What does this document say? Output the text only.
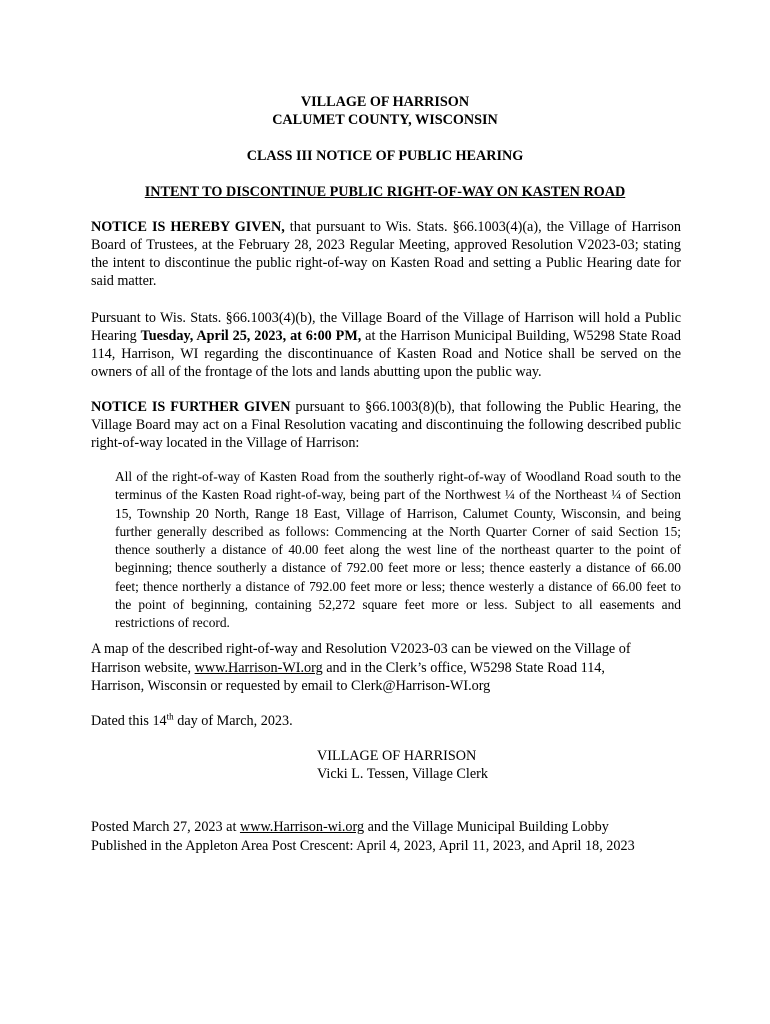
VILLAGE OF HARRISON
CALUMET COUNTY, WISCONSIN
CLASS III NOTICE OF PUBLIC HEARING
INTENT TO DISCONTINUE PUBLIC RIGHT-OF-WAY ON KASTEN ROAD
NOTICE IS HEREBY GIVEN, that pursuant to Wis. Stats. §66.1003(4)(a), the Village of Harrison Board of Trustees, at the February 28, 2023 Regular Meeting, approved Resolution V2023-03; stating the intent to discontinue the public right-of-way on Kasten Road and setting a Public Hearing date for said matter.
Pursuant to Wis. Stats. §66.1003(4)(b), the Village Board of the Village of Harrison will hold a Public Hearing Tuesday, April 25, 2023, at 6:00 PM, at the Harrison Municipal Building, W5298 State Road 114, Harrison, WI regarding the discontinuance of Kasten Road and Notice shall be served on the owners of all of the frontage of the lots and lands abutting upon the public way.
NOTICE IS FURTHER GIVEN pursuant to §66.1003(8)(b), that following the Public Hearing, the Village Board may act on a Final Resolution vacating and discontinuing the following described public right-of-way located in the Village of Harrison:
All of the right-of-way of Kasten Road from the southerly right-of-way of Woodland Road south to the terminus of the Kasten Road right-of-way, being part of the Northwest ¼ of the Northeast ¼ of Section 15, Township 20 North, Range 18 East, Village of Harrison, Calumet County, Wisconsin, and being further generally described as follows: Commencing at the North Quarter Corner of said Section 15; thence southerly a distance of 40.00 feet along the west line of the northeast quarter to the point of beginning; thence southerly a distance of 792.00 feet more or less; thence easterly a distance of 66.00 feet; thence northerly a distance of 792.00 feet more or less; thence westerly a distance of 66.00 feet to the point of beginning, containing 52,272 square feet more or less. Subject to all easements and restrictions of record.
A map of the described right-of-way and Resolution V2023-03 can be viewed on the Village of
Harrison website, www.Harrison-WI.org and in the Clerk’s office, W5298 State Road 114,
Harrison, Wisconsin or requested by email to Clerk@Harrison-WI.org
Dated this 14th day of March, 2023.
VILLAGE OF HARRISON
Vicki L. Tessen, Village Clerk
Posted March 27, 2023 at www.Harrison-wi.org and the Village Municipal Building Lobby
Published in the Appleton Area Post Crescent: April 4, 2023, April 11, 2023, and April 18, 2023
